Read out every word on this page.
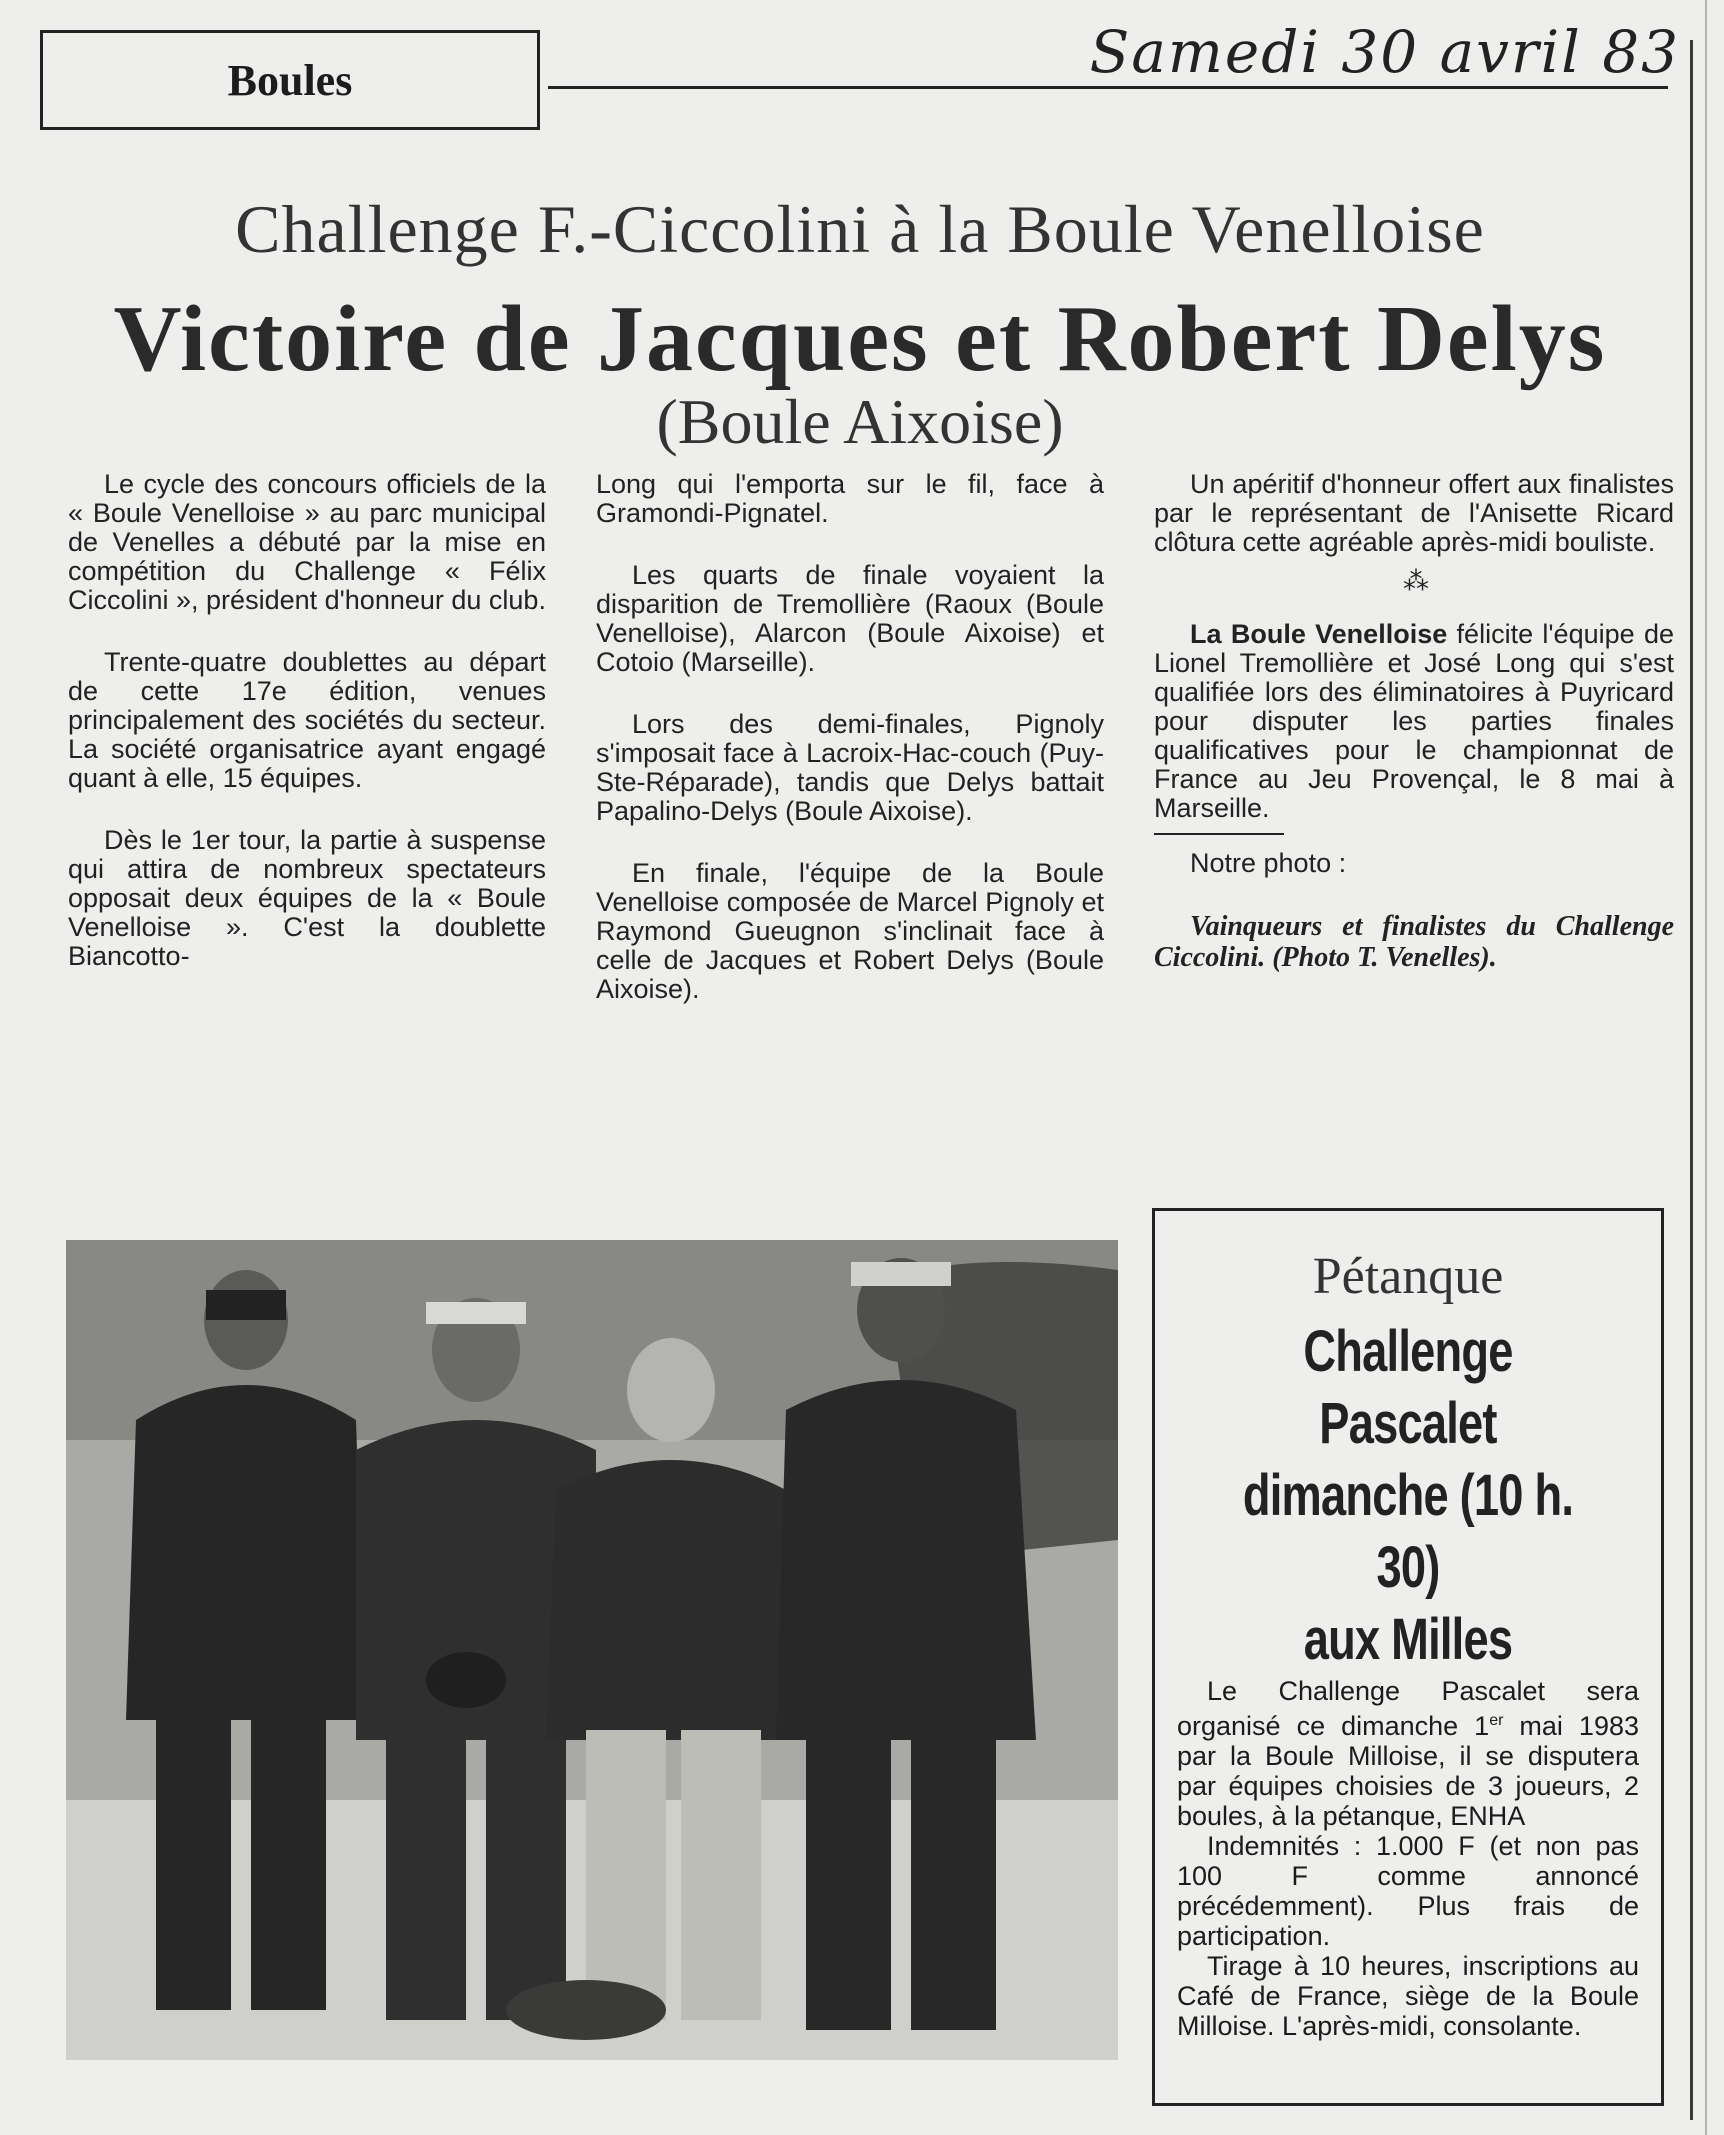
Boules	Samedi 30 avril 83
Challenge F.-Ciccolini à la Boule Venelloise
Victoire de Jacques et Robert Delys
(Boule Aixoise)

Le cycle des concours officiels de la « Boule Venelloise » au parc municipal de Venelles a débuté par la mise en compétition du Challenge « Félix Ciccolini », président d'honneur du club.

Trente-quatre doublettes au départ de cette 17e édition, venues principalement des sociétés du secteur. La société organisatrice ayant engagé quant à elle, 15 équipes.

Dès le 1er tour, la partie à suspense qui attira de nombreux spectateurs opposait deux équipes de la « Boule Venelloise ». C'est la doublette Biancotto-

Long qui l'emporta sur le fil, face à Gramondi-Pignatel.

Les quarts de finale voyaient la disparition de Tremollière (Raoux (Boule Venelloise), Alarcon (Boule Aixoise) et Cotoio (Marseille).

Lors des demi-finales, Pignoly s'imposait face à Lacroix-Hac-couch (Puy-Ste-Réparade), tandis que Delys battait Papalino-Delys (Boule Aixoise).

En finale, l'équipe de la Boule Venelloise composée de Marcel Pignoly et Raymond Gueugnon s'inclinait face à celle de Jacques et Robert Delys (Boule Aixoise).

Un apéritif d'honneur offert aux finalistes par le représentant de l'Anisette Ricard clôtura cette agréable après-midi bouliste.

⁂

La Boule Venelloise félicite l'équipe de Lionel Tremollière et José Long qui s'est qualifiée lors des éliminatoires à Puyricard pour disputer les parties finales qualificatives pour le championnat de France au Jeu Provençal, le 8 mai à Marseille.

Notre photo :

Vainqueurs et finalistes du Challenge Ciccolini. (Photo T. Venelles).

Pétanque
Challenge Pascalet
dimanche (10 h. 30)
aux Milles

Le Challenge Pascalet sera organisé ce dimanche 1er mai 1983 par la Boule Milloise, il se disputera par équipes choisies de 3 joueurs, 2 boules, à la pétanque, ENHA

Indemnités : 1.000 F (et non pas 100 F comme annoncé précédemment). Plus frais de participation.

Tirage à 10 heures, inscriptions au Café de France, siège de la Boule Milloise. L'après-midi, consolante.
